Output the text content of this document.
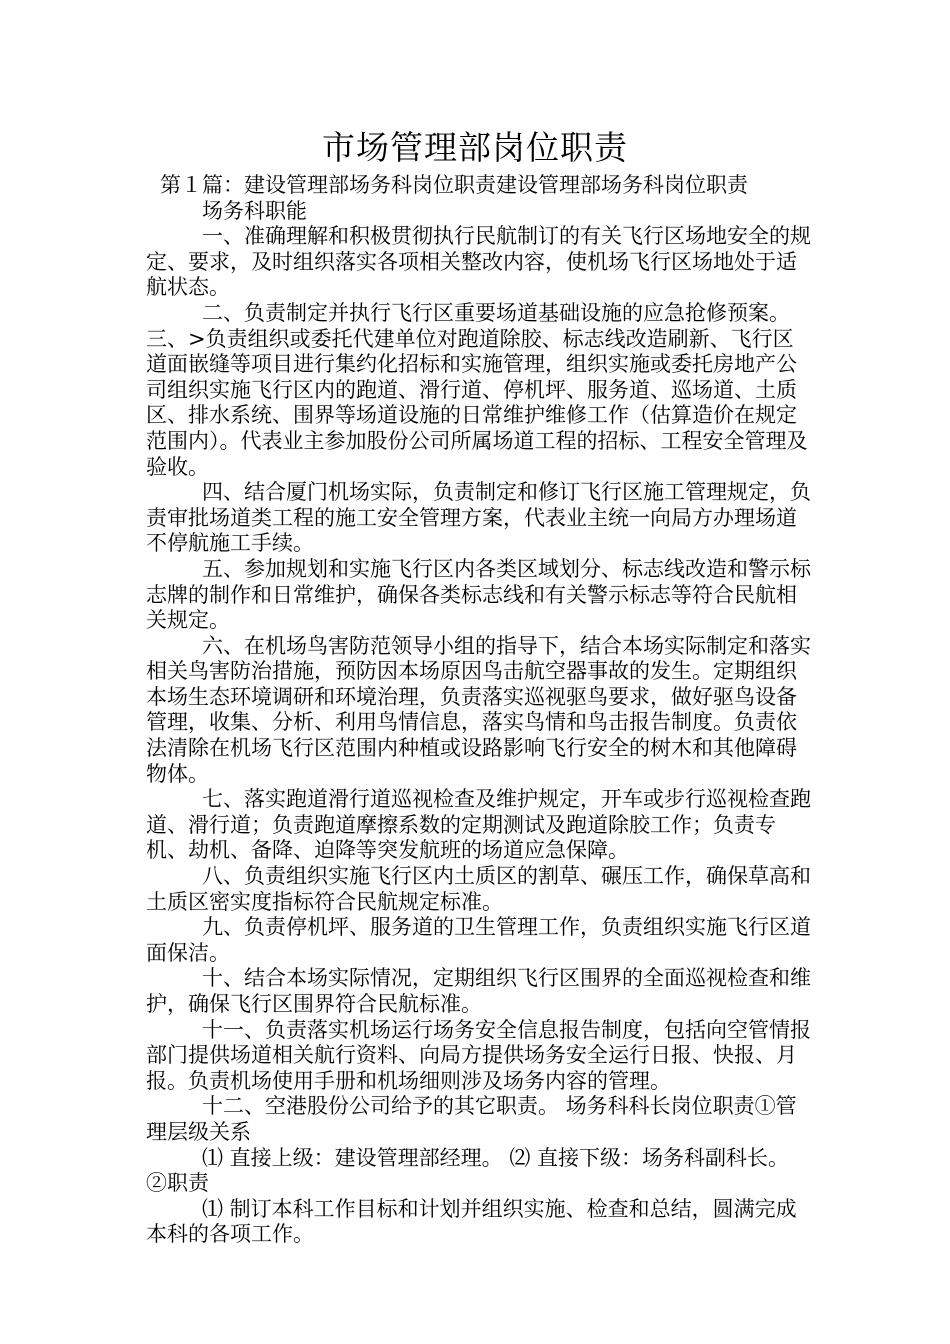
市场管理部岗位职责

第１篇：建设管理部场务科岗位职责建设管理部场务科岗位职责

场务科职能

一、准确理解和积极贯彻执行民航制订的有关飞行区场地安全的规定、要求，及时组织落实各项相关整改内容，使机场飞行区场地处于适航状态。

二、负责制定并执行飞行区重要场道基础设施的应急抢修预案。

三、>负责组织或委托代建单位对跑道除胶、标志线改造刷新、飞行区道面嵌缝等项目进行集约化招标和实施管理，组织实施或委托房地产公司组织实施飞行区内的跑道、滑行道、停机坪、服务道、巡场道、土质区、排水系统、围界等场道设施的日常维护维修工作（估算造价在规定范围内）。代表业主参加股份公司所属场道工程的招标、工程安全管理及验收。

四、结合厦门机场实际，负责制定和修订飞行区施工管理规定，负责审批场道类工程的施工安全管理方案，代表业主统一向局方办理场道不停航施工手续。

五、参加规划和实施飞行区内各类区域划分、标志线改造和警示标志牌的制作和日常维护，确保各类标志线和有关警示标志等符合民航相关规定。

六、在机场鸟害防范领导小组的指导下，结合本场实际制定和落实相关鸟害防治措施，预防因本场原因鸟击航空器事故的发生。定期组织本场生态环境调研和环境治理，负责落实巡视驱鸟要求，做好驱鸟设备管理，收集、分析、利用鸟情信息，落实鸟情和鸟击报告制度。负责依法清除在机场飞行区范围内种植或设路影响飞行安全的树木和其他障碍物体。

七、落实跑道滑行道巡视检查及维护规定，开车或步行巡视检查跑道、滑行道；负责跑道摩擦系数的定期测试及跑道除胶工作；负责专机、劫机、备降、迫降等突发航班的场道应急保障。

八、负责组织实施飞行区内土质区的割草、碾压工作，确保草高和土质区密实度指标符合民航规定标准。

九、负责停机坪、服务道的卫生管理工作，负责组织实施飞行区道面保洁。

十、结合本场实际情况，定期组织飞行区围界的全面巡视检查和维护，确保飞行区围界符合民航标准。

十一、负责落实机场运行场务安全信息报告制度，包括向空管情报部门提供场道相关航行资料、向局方提供场务安全运行日报、快报、月报。负责机场使用手册和机场细则涉及场务内容的管理。

十二、空港股份公司给予的其它职责。 场务科科长岗位职责①管理层级关系

⑴ 直接上级：建设管理部经理。 ⑵ 直接下级：场务科副科长。 ②职责

⑴ 制订本科工作目标和计划并组织实施、检查和总结，圆满完成本科的各项工作。
